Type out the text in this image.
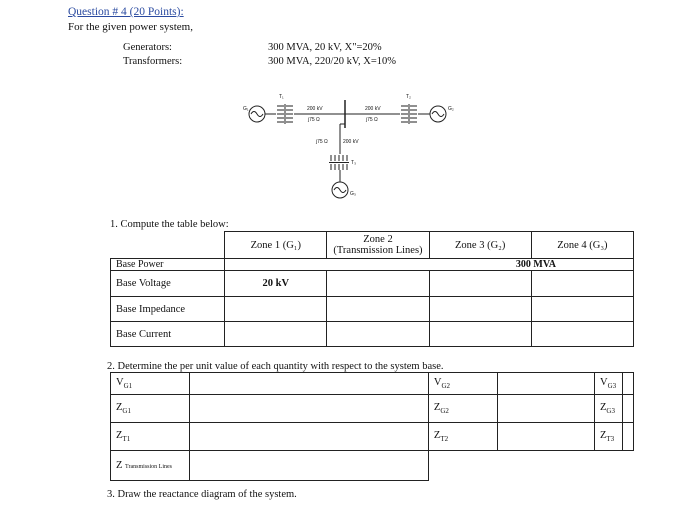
Question # 4 (20 Points):
For the given power system,
Generators:	300 MVA, 20 kV, X"=20%
Transformers:	300 MVA, 220/20 kV, X=10%
G₁
T₁
200 kV
j75 Ω
200 kV
j75 Ω
T₂
G₂
j75 Ω	200 kV
T₃
G₃
1. Compute the table below:
	Zone 1 (G₁)	Zone 2 (Transmission Lines)	Zone 3 (G₂)	Zone 4 (G₃)
Base Power	300 MVA			
Base Voltage	20 kV			
Base Impedance				
Base Current				
2. Determine the per unit value of each quantity with respect to the system base.
$V_{G1}$		$V_{G2}$		$V_{G3}$	
$Z_{G1}$		$Z_{G2}$		$Z_{G3}$	
$Z_{T1}$		$Z_{T2}$		$Z_{T3}$	
Z Transmission Lines					
3. Draw the reactance diagram of the system.
